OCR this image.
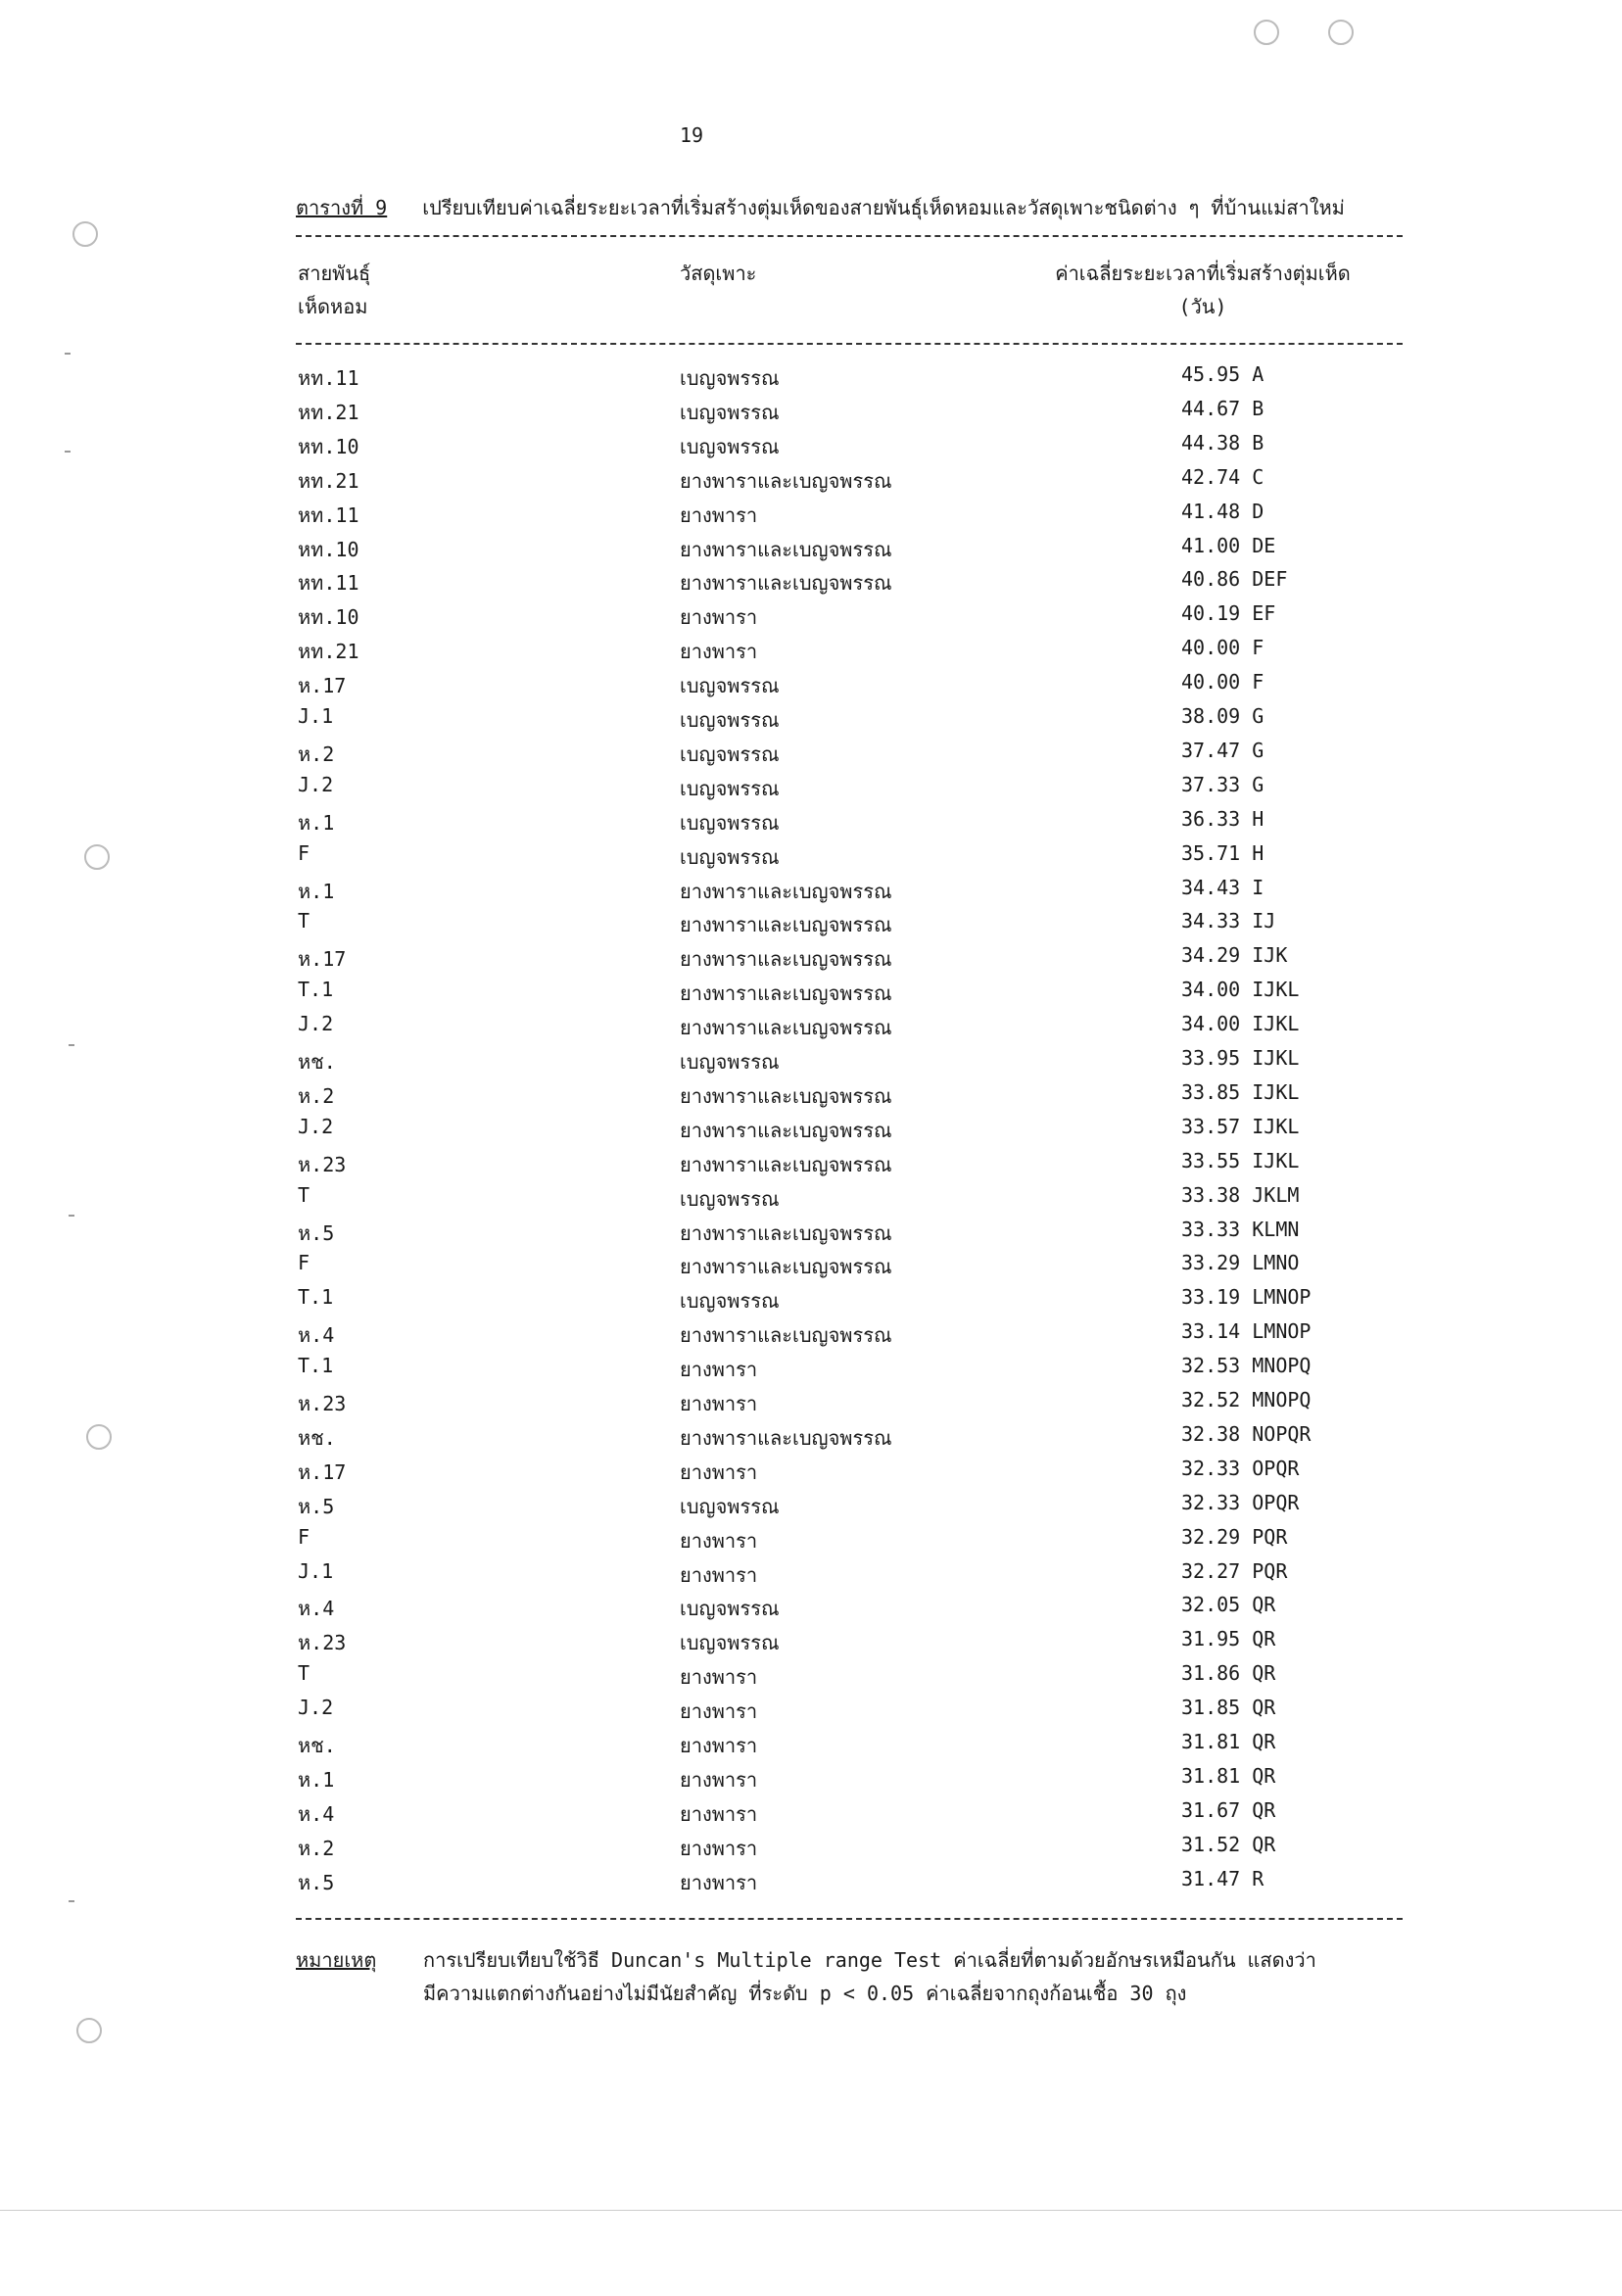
19
ตารางที่ 9 เปรียบเทียบค่าเฉลี่ยระยะเวลาที่เริ่มสร้างตุ่มเห็ดของสายพันธุ์เห็ดหอมและวัสดุเพาะชนิดต่าง ๆ ที่บ้านแม่สาใหม่
สายพันธุ์
เห็ดหอม
วัสดุเพาะ	ค่าเฉลี่ยระยะเวลาที่เริ่มสร้างตุ่มเห็ด
(วัน)
หท.11	เบญจพรรณ	45.95 A
หท.21	เบญจพรรณ	44.67 B
หท.10	เบญจพรรณ	44.38 B
หท.21	ยางพาราและเบญจพรรณ	42.74 C
หท.11	ยางพารา	41.48 D
หท.10	ยางพาราและเบญจพรรณ	41.00 DE
หท.11	ยางพาราและเบญจพรรณ	40.86 DEF
หท.10	ยางพารา	40.19 EF
หท.21	ยางพารา	40.00 F
ห.17	เบญจพรรณ	40.00 F
J.1	เบญจพรรณ	38.09 G
ห.2	เบญจพรรณ	37.47 G
J.2	เบญจพรรณ	37.33 G
ห.1	เบญจพรรณ	36.33 H
F	เบญจพรรณ	35.71 H
ห.1	ยางพาราและเบญจพรรณ	34.43 I
T	ยางพาราและเบญจพรรณ	34.33 IJ
ห.17	ยางพาราและเบญจพรรณ	34.29 IJK
T.1	ยางพาราและเบญจพรรณ	34.00 IJKL
J.2	ยางพาราและเบญจพรรณ	34.00 IJKL
หช.	เบญจพรรณ	33.95 IJKL
ห.2	ยางพาราและเบญจพรรณ	33.85 IJKL
J.2	ยางพาราและเบญจพรรณ	33.57 IJKL
ห.23	ยางพาราและเบญจพรรณ	33.55 IJKL
T	เบญจพรรณ	33.38 JKLM
ห.5	ยางพาราและเบญจพรรณ	33.33 KLMN
F	ยางพาราและเบญจพรรณ	33.29 LMNO
T.1	เบญจพรรณ	33.19 LMNOP
ห.4	ยางพาราและเบญจพรรณ	33.14 LMNOP
T.1	ยางพารา	32.53 MNOPQ
ห.23	ยางพารา	32.52 MNOPQ
หช.	ยางพาราและเบญจพรรณ	32.38 NOPQR
ห.17	ยางพารา	32.33 OPQR
ห.5	เบญจพรรณ	32.33 OPQR
F	ยางพารา	32.29 PQR
J.1	ยางพารา	32.27 PQR
ห.4	เบญจพรรณ	32.05 QR
ห.23	เบญจพรรณ	31.95 QR
T	ยางพารา	31.86 QR
J.2	ยางพารา	31.85 QR
หช.	ยางพารา	31.81 QR
ห.1	ยางพารา	31.81 QR
ห.4	ยางพารา	31.67 QR
ห.2	ยางพารา	31.52 QR
ห.5	ยางพารา	31.47 R
หมายเหตุ การเปรียบเทียบใช้วิธี Duncan's Multiple range Test ค่าเฉลี่ยที่ตามด้วยอักษรเหมือนกัน แสดงว่า
มีความแตกต่างกันอย่างไม่มีนัยสำคัญ ที่ระดับ p < 0.05 ค่าเฉลี่ยจากถุงก้อนเชื้อ 30 ถุง
